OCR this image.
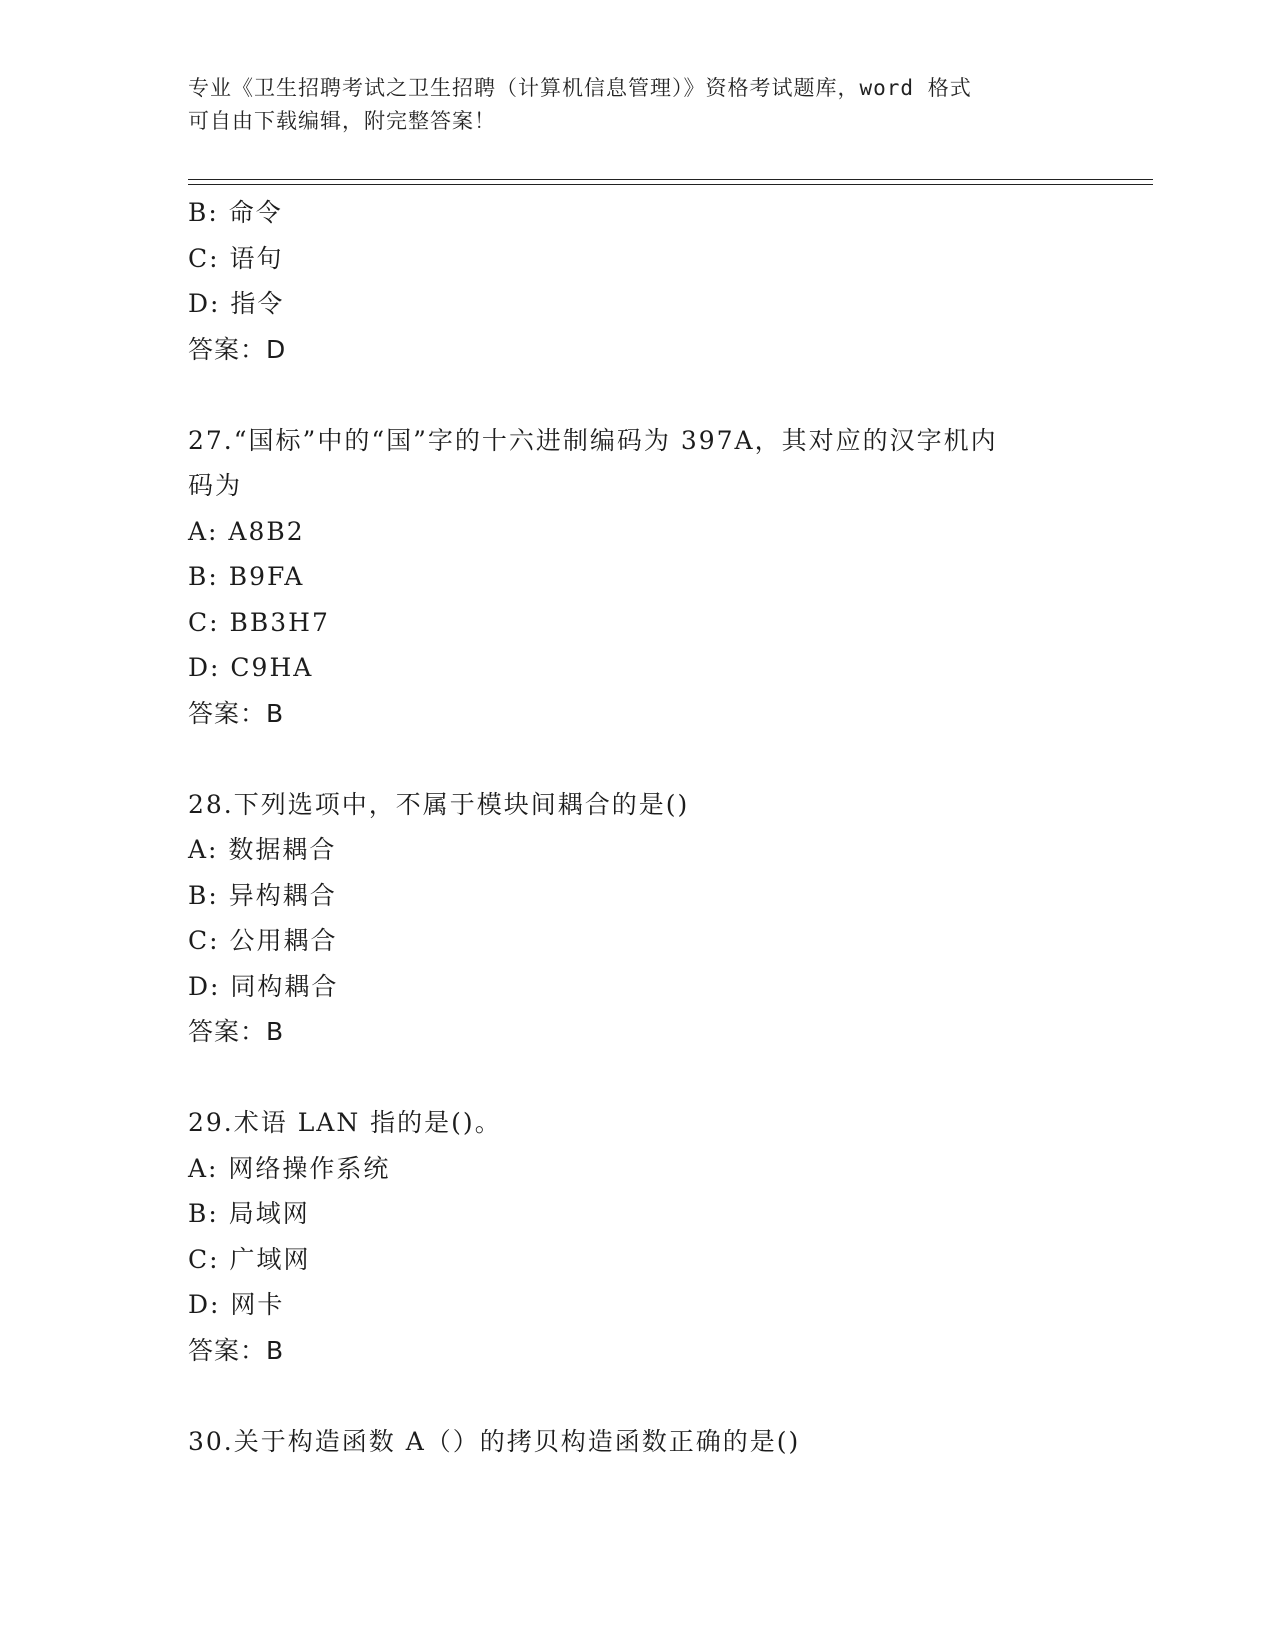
专业《卫生招聘考试之卫生招聘（计算机信息管理）》资格考试题库，word 格式
可自由下载编辑，附完整答案！
B: 命令
C: 语句
D: 指令
答案：D
27.“国标”中的“国”字的十六进制编码为 397A，其对应的汉字机内
码为
A: A8B2
B: B9FA
C: BB3H7
D: C9HA
答案：B
28.下列选项中，不属于模块间耦合的是()
A: 数据耦合
B: 异构耦合
C: 公用耦合
D: 同构耦合
答案：B
29.术语 LAN 指的是()。
A: 网络操作系统
B: 局域网
C: 广域网
D: 网卡
答案：B
30.关于构造函数 A（）的拷贝构造函数正确的是()
